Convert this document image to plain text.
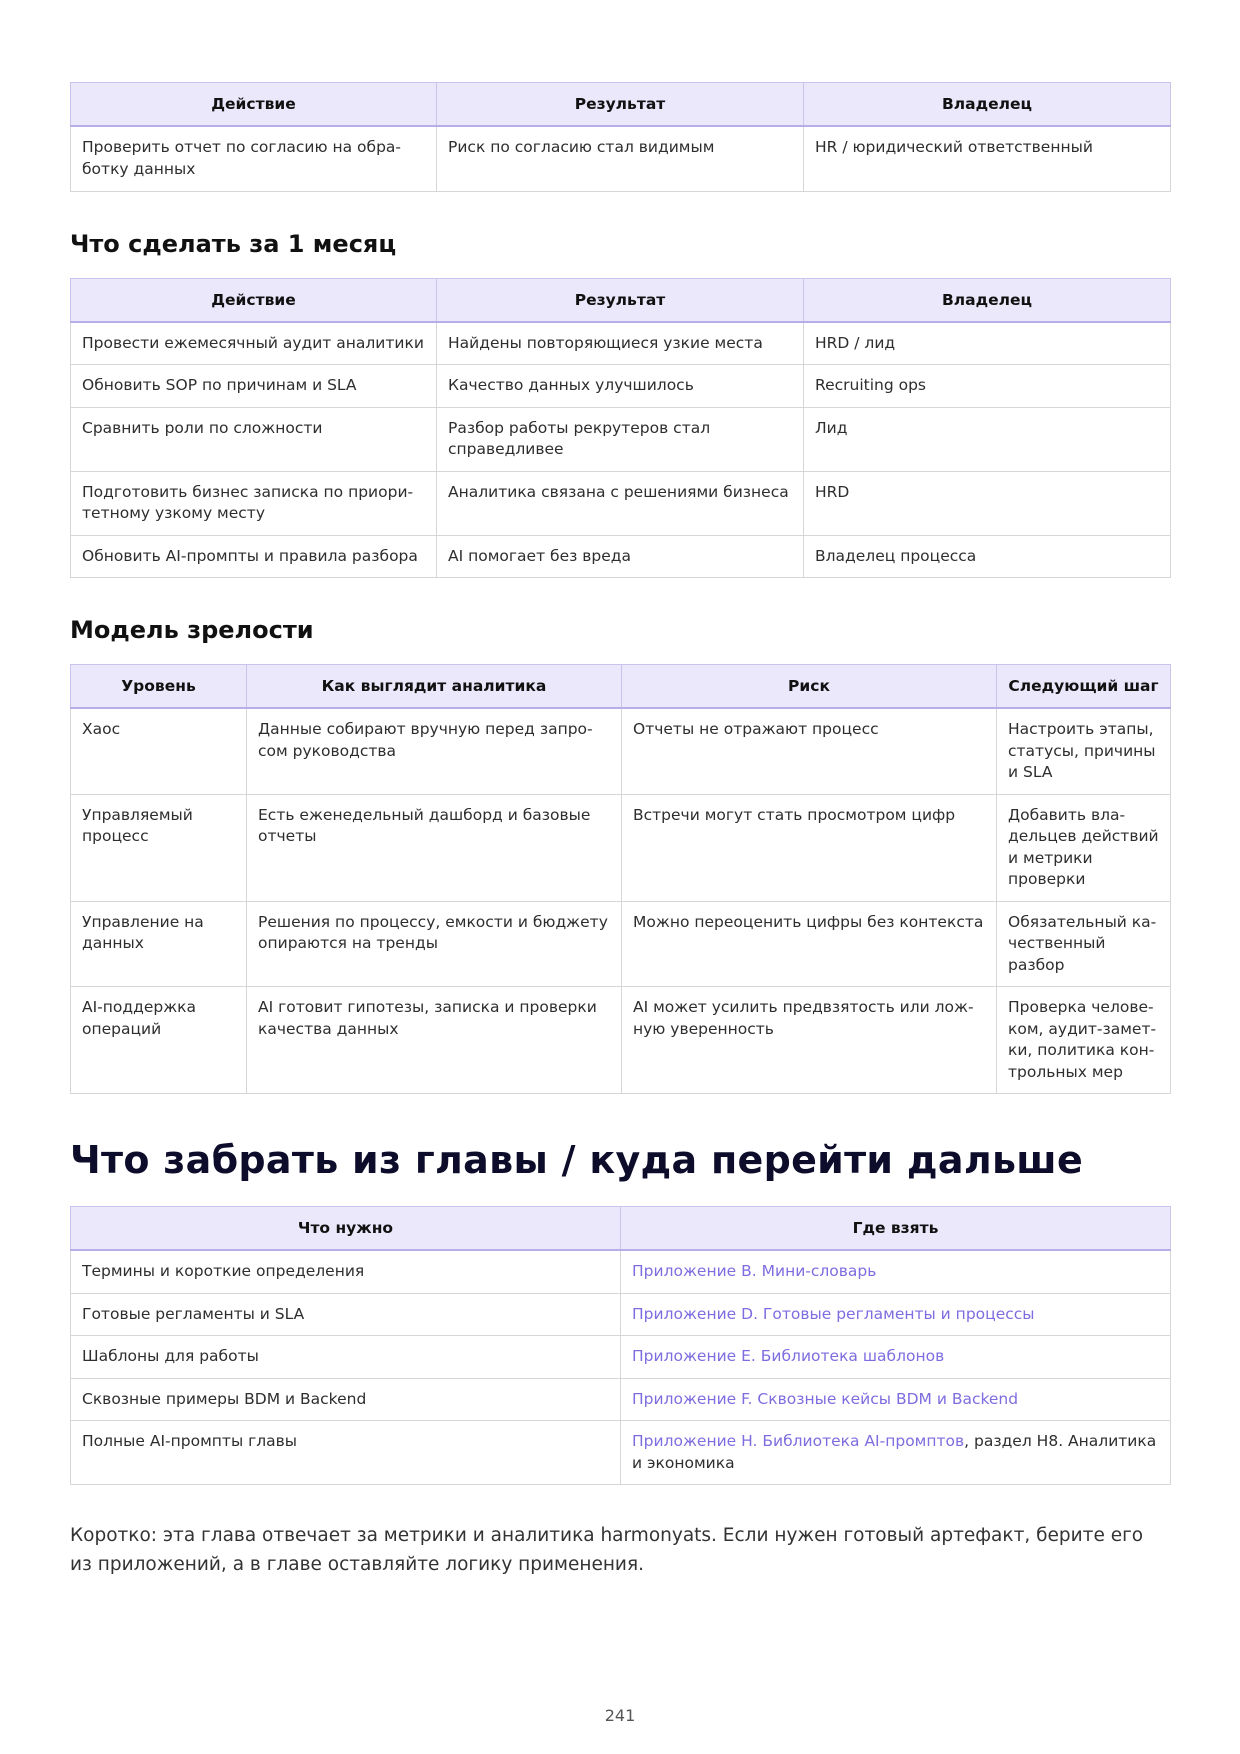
Действие	Результат	Владелец
Проверить отчет по согласию на обра-ботку данных	Риск по согласию стал видимым	HR / юридический ответственный
Что сделать за 1 месяц
Действие	Результат	Владелец
Провести ежемесячный аудит аналитики	Найдены повторяющиеся узкие места	HRD / лид
Обновить SOP по причинам и SLA	Качество данных улучшилось	Recruiting ops
Сравнить роли по сложности	Разбор работы рекрутеров стал справедливее	Лид
Подготовить бизнес записка по приори-тетному узкому месту	Аналитика связана с решениями бизнеса	HRD
Обновить AI-промпты и правила разбора	AI помогает без вреда	Владелец процесса
Модель зрелости
Уровень	Как выглядит аналитика	Риск	Следующий шаг
Хаос	Данные собирают вручную перед запро-сом руководства	Отчеты не отражают процесс	Настроить этапы, статусы, причины и SLA
Управляемый процесс	Есть еженедельный дашборд и базовые отчеты	Встречи могут стать просмотром цифр	Добавить вла-дельцев действий и метрики проверки
Управление на данных	Решения по процессу, емкости и бюджету опираются на тренды	Можно переоценить цифры без контекста	Обязательный ка-чественный разбор
AI-поддержка операций	AI готовит гипотезы, записка и проверки качества данных	AI может усилить предвзятость или лож-ную уверенность	Проверка челове-ком, аудит-замет-ки, политика кон-трольных мер
Что забрать из главы / куда перейти дальше
Что нужно	Где взять
Термины и короткие определения	Приложение B. Мини-словарь
Готовые регламенты и SLA	Приложение D. Готовые регламенты и процессы
Шаблоны для работы	Приложение E. Библиотека шаблонов
Сквозные примеры BDM и Backend	Приложение F. Сквозные кейсы BDM и Backend
Полные AI-промпты главы	Приложение H. Библиотека AI-промптов, раздел H8. Аналитика и экономика

Коротко: эта глава отвечает за метрики и аналитика harmonyats. Если нужен готовый артефакт, берите его из приложений, а в главе оставляйте логику применения.

241
